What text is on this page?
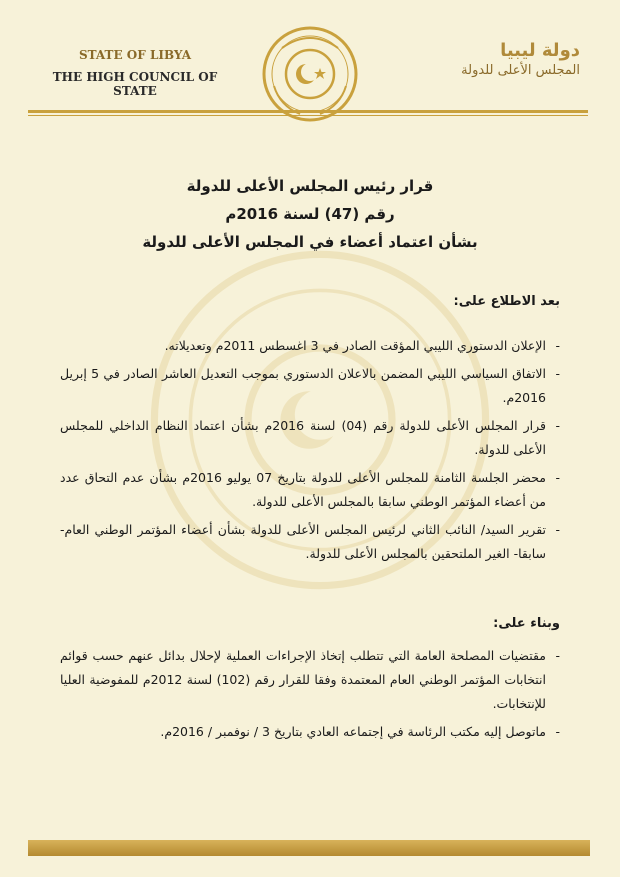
STATE OF LIBYA
THE HIGH COUNCIL OF STATE
دولة ليبيا
المجلس الأعلى للدولة
قرار رئيس المجلس الأعلى للدولة
رقم (47) لسنة 2016م
بشأن اعتماد أعضاء في المجلس الأعلى للدولة
بعد الاطلاع على:
- الإعلان الدستوري الليبي المؤقت الصادر في 3 اغسطس 2011م وتعديلاته.
- الاتفاق السياسي الليبي المضمن بالاعلان الدستوري بموجب التعديل العاشر الصادر في 5 إبريل 2016م.
- قرار المجلس الأعلى للدولة رقم (04) لسنة 2016م بشأن اعتماد النظام الداخلي للمجلس الأعلى للدولة.
- محضر الجلسة الثامنة للمجلس الأعلى للدولة بتاريخ 07 يوليو 2016م بشأن عدم التحاق عدد من أعضاء المؤتمر الوطني سابقا بالمجلس الأعلى للدولة.
- تقرير السيد/ النائب الثاني لرئيس المجلس الأعلى للدولة بشأن أعضاء المؤتمر الوطني العام- سابقا- الغير الملتحقين بالمجلس الأعلى للدولة.
وبناء على:
- مقتضيات المصلحة العامة التي تتطلب إتخاذ الإجراءات العملية لإحلال بدائل عنهم حسب قوائم انتخابات المؤتمر الوطني العام المعتمدة وفقا للقرار رقم (102) لسنة 2012م للمفوضية العليا للإنتخابات.
- ماتوصل إليه مكتب الرئاسة في إجتماعه العادي بتاريخ 3 / نوفمبر / 2016م.
